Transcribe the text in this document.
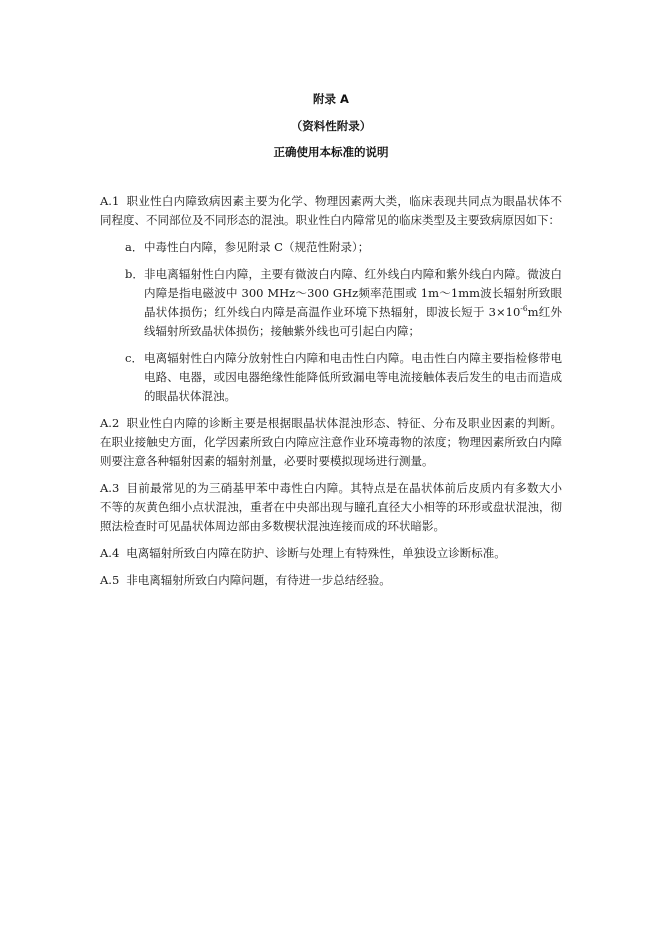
附录 A
（资料性附录）
正确使用本标准的说明

A.1 职业性白内障致病因素主要为化学、物理因素两大类，临床表现共同点为眼晶状体不同程度、不同部位及不同形态的混浊。职业性白内障常见的临床类型及主要致病原因如下：

a． 中毒性白内障，参见附录 C（规范性附录）；
b． 非电离辐射性白内障，主要有微波白内障、红外线白内障和紫外线白内障。微波白内障是指电磁波中 300 MHz～300 GHz频率范围或 1m～1mm波长辐射所致眼晶状体损伤；红外线白内障是高温作业环境下热辐射，即波长短于 $3\times 10^{-6}m$红外线辐射所致晶状体损伤；接触紫外线也可引起白内障；
c． 电离辐射性白内障分放射性白内障和电击性白内障。电击性白内障主要指检修带电电路、电器，或因电器绝缘性能降低所致漏电等电流接触体表后发生的电击而造成的眼晶状体混浊。

A.2 职业性白内障的诊断主要是根据眼晶状体混浊形态、特征、分布及职业因素的判断。在职业接触史方面，化学因素所致白内障应注意作业环境毒物的浓度；物理因素所致白内障则要注意各种辐射因素的辐射剂量，必要时要模拟现场进行测量。

A.3 目前最常见的为三硝基甲苯中毒性白内障。其特点是在晶状体前后皮质内有多数大小不等的灰黄色细小点状混浊，重者在中央部出现与瞳孔直径大小相等的环形或盘状混浊，彻照法检查时可见晶状体周边部由多数楔状混浊连接而成的环状暗影。

A.4 电离辐射所致白内障在防护、诊断与处理上有特殊性，单独设立诊断标准。

A.5 非电离辐射所致白内障问题，有待进一步总结经验。
